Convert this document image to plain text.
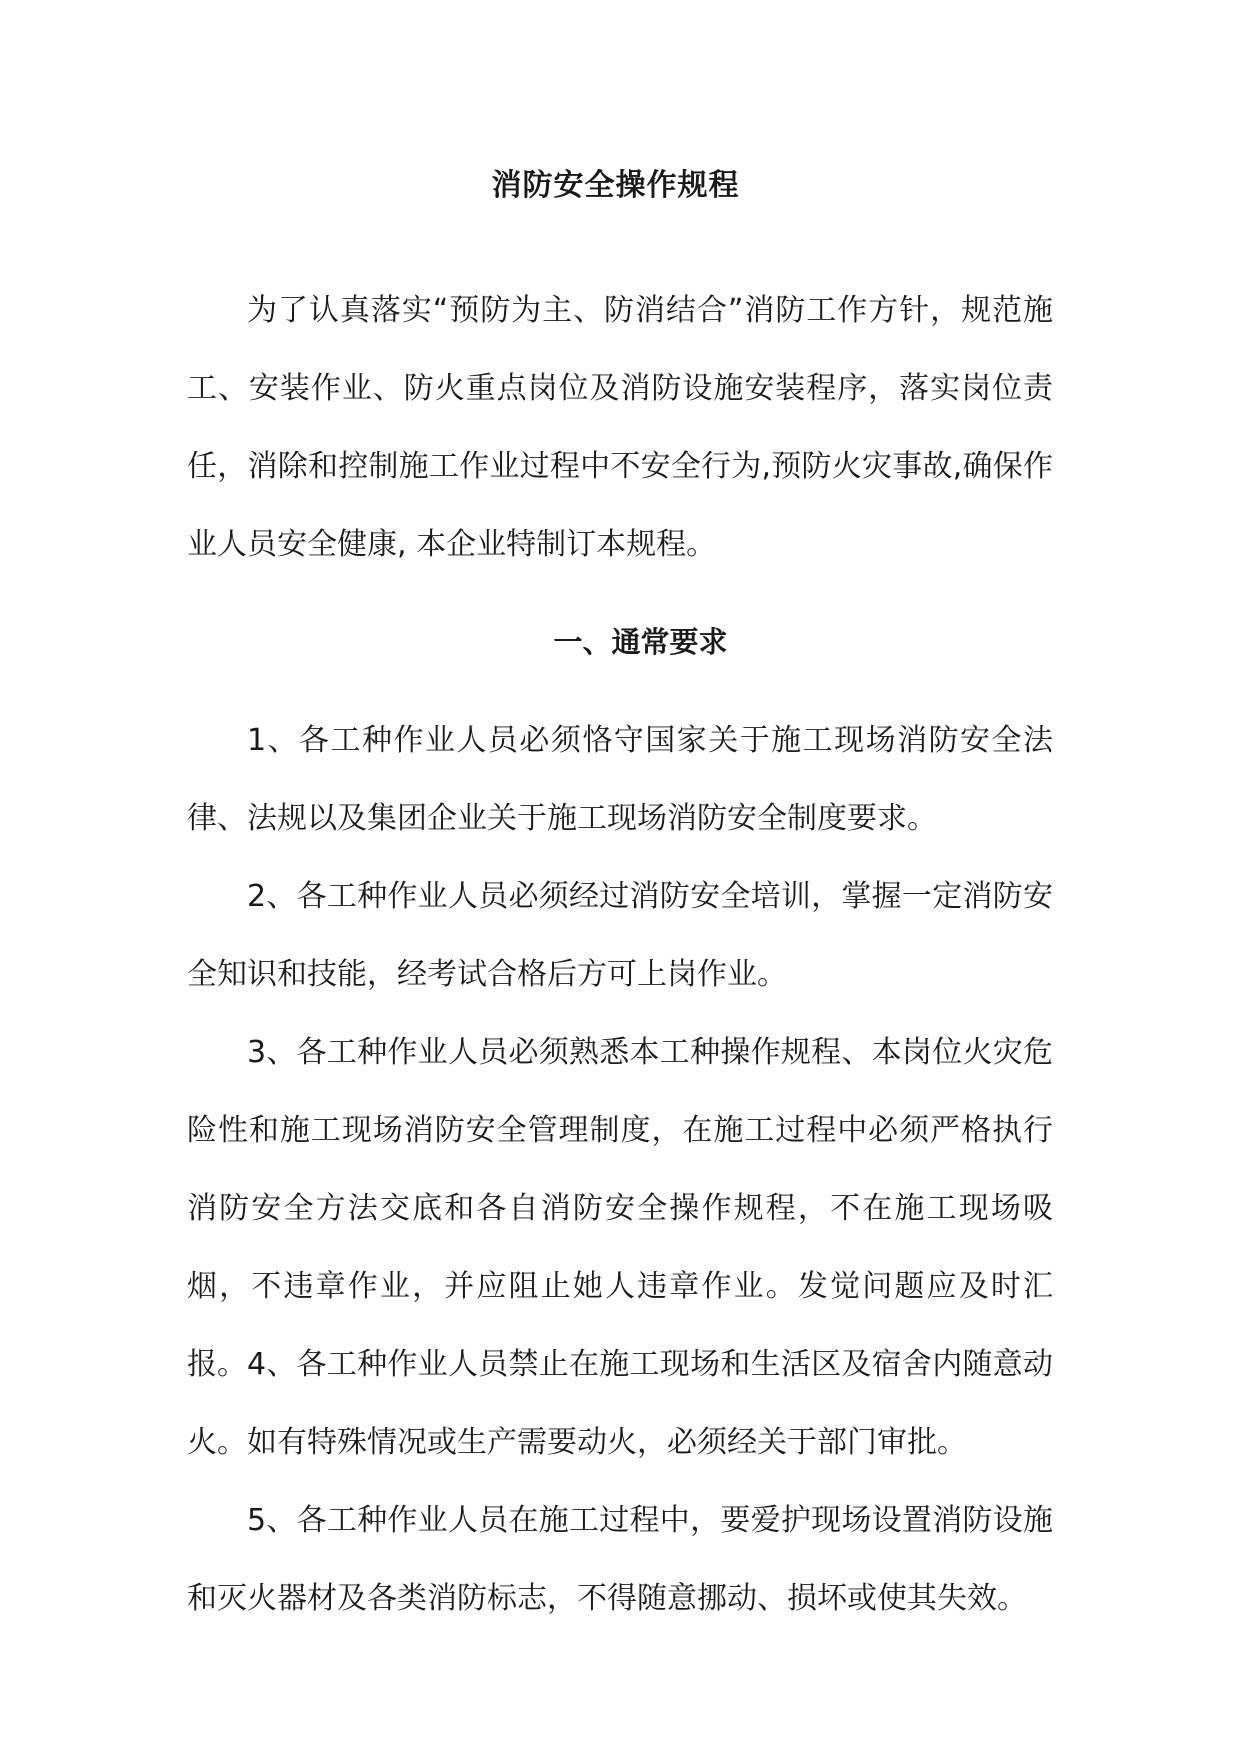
消防安全操作规程

为了认真落实“预防为主、防消结合”消防工作方针，规范施工、安装作业、防火重点岗位及消防设施安装程序，落实岗位责任，消除和控制施工作业过程中不安全行为,预防火灾事故,确保作业人员安全健康, 本企业特制订本规程。

一、通常要求

1、各工种作业人员必须恪守国家关于施工现场消防安全法律、法规以及集团企业关于施工现场消防安全制度要求。

2、各工种作业人员必须经过消防安全培训，掌握一定消防安全知识和技能，经考试合格后方可上岗作业。

3、各工种作业人员必须熟悉本工种操作规程、本岗位火灾危险性和施工现场消防安全管理制度，在施工过程中必须严格执行消防安全方法交底和各自消防安全操作规程，不在施工现场吸烟，不违章作业，并应阻止她人违章作业。发觉问题应及时汇报。 4、各工种作业人员禁止在施工现场和生活区及宿舍内随意动火。如有特殊情况或生产需要动火，必须经关于部门审批。

5、各工种作业人员在施工过程中，要爱护现场设置消防设施和灭火器材及各类消防标志，不得随意挪动、损坏或使其失效。
